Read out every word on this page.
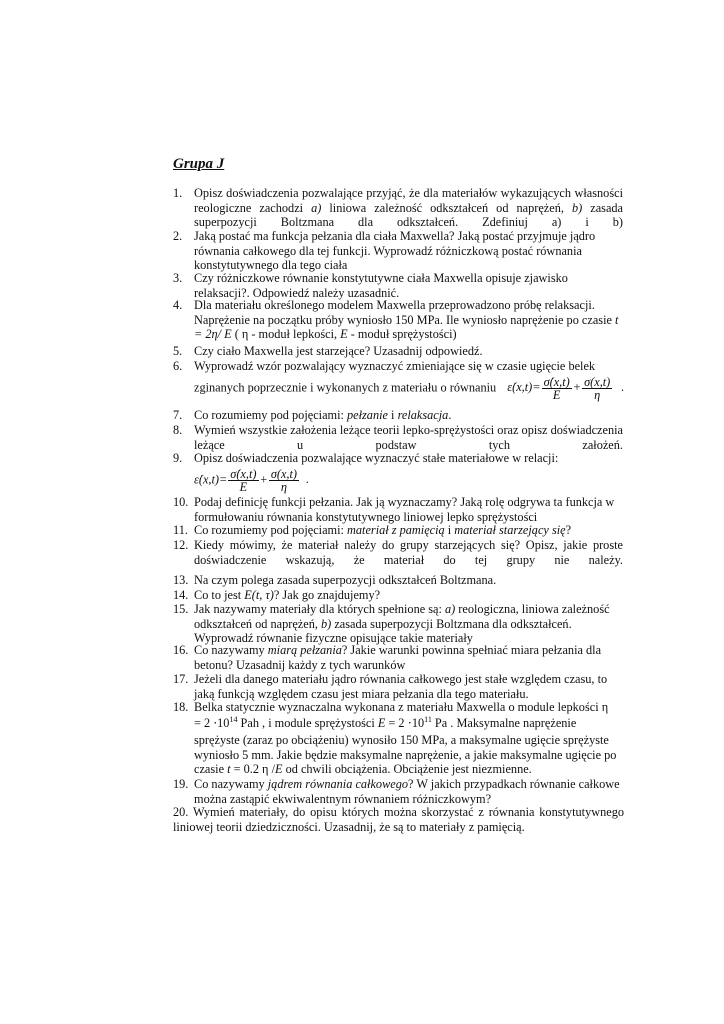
Grupa J
1. Opisz doświadczenia pozwalające przyjąć, że dla materiałów wykazujących własności reologiczne zachodzi a) liniowa zależność odkształceń od naprężeń, b) zasada superpozycji Boltzmana dla odkształceń. Zdefiniuj a) i b)
2. Jaką postać ma funkcja pełzania dla ciała Maxwella? Jaką postać przyjmuje jądro równania całkowego dla tej funkcji. Wyprowadź różniczkową postać równania konstytutywnego dla tego ciała
3. Czy różniczkowe równanie konstytutywne ciała Maxwella opisuje zjawisko relaksacji?. Odpowiedź należy uzasadnić.
4. Dla materiału określonego modelem Maxwella przeprowadzono próbę relaksacji. Naprężenie na początku próby wyniosło 150 MPa. Ile wyniosło naprężenie po czasie t = 2η/ E ( η - moduł lepkości, E - moduł sprężystości)
5. Czy ciało Maxwella jest starzejące? Uzasadnij odpowiedź.
6. Wyprowadź wzór pozwalający wyznaczyć zmieniające się w czasie ugięcie belek
zginanych poprzecznie i wykonanych z materiału o równaniu ε̇(x,t)= $\frac{\sigmȧ(x,t)}{E} + \frac{\sigma(x,t)}{\eta}$ .
7. Co rozumiemy pod pojęciami: pełzanie i relaksacja.
8. Wymień wszystkie założenia leżące teorii lepko-sprężystości oraz opisz doświadczenia leżące u podstaw tych założeń.
9. Opisz doświadczenia pozwalające wyznaczyć stałe materiałowe w relacji:
ε̇(x,t)= $\frac{\sigmȧ(x,t)}{E} + \frac{\sigma(x,t)}{\eta}$ .
10. Podaj definicję funkcji pełzania. Jak ją wyznaczamy? Jaką rolę odgrywa ta funkcja w formułowaniu równania konstytutywnego liniowej lepko sprężystości
11. Co rozumiemy pod pojęciami: materiał z pamięcią i materiał starzejący się?
12. Kiedy mówimy, że materiał należy do grupy starzejących się? Opisz, jakie proste doświadczenie wskazują, że materiał do tej grupy nie należy.
13. Na czym polega zasada superpozycji odkształceń Boltzmana.
14. Co to jest E(t, τ)? Jak go znajdujemy?
15. Jak nazywamy materiały dla których spełnione są: a) reologiczna, liniowa zależność odkształceń od naprężeń, b) zasada superpozycji Boltzmana dla odkształceń. Wyprowadź równanie fizyczne opisujące takie materiały
16. Co nazywamy miarą pełzania? Jakie warunki powinna spełniać miara pełzania dla betonu? Uzasadnij każdy z tych warunków
17. Jeżeli dla danego materiału jądro równania całkowego jest stałe względem czasu, to jaką funkcją względem czasu jest miara pełzania dla tego materiału.
18. Belka statycznie wyznaczalna wykonana z materiału Maxwella o module lepkości η
= $2 \cdot 10^{14}$ Pah , i module sprężystości $E = 2 \cdot 10^{11}$ Pa . Maksymalne naprężenie
sprężyste (zaraz po obciążeniu) wynosiło 150 MPa, a maksymalne ugięcie sprężyste wyniosło 5 mm. Jakie będzie maksymalne naprężenie, a jakie maksymalne ugięcie po czasie t = 0.2 η /E od chwili obciążenia. Obciążenie jest niezmienne.
19. Co nazywamy jądrem równania całkowego? W jakich przypadkach równanie całkowe można zastąpić ekwiwalentnym równaniem różniczkowym?
20. Wymień materiały, do opisu których można skorzystać z równania konstytutywnego liniowej teorii dziedziczności. Uzasadnij, że są to materiały z pamięcią.
